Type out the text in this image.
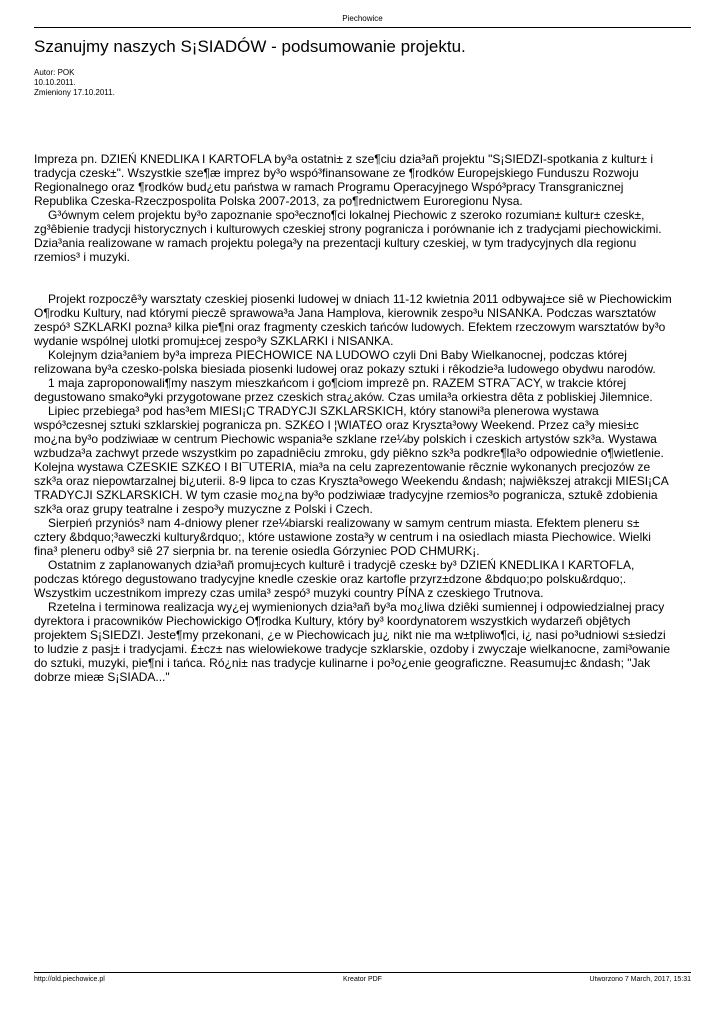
Piechowice
Szanujmy naszych S¡SIADÓW - podsumowanie projektu.
Autor: POK
10.10.2011.
Zmieniony 17.10.2011.

Impreza pn. DZIEŃ KNEDLIKA I KARTOFLA by³a ostatni± z sze¶ciu dzia³añ projektu "S¡SIEDZI-spotkania z kultur± i tradycja czesk±". Wszystkie sze¶æ imprez by³o wspó³finansowane ze ¶rodków Europejskiego Funduszu Rozwoju Regionalnego oraz ¶rodków bud¿etu państwa w ramach Programu Operacyjnego Wspó³pracy Transgranicznej Republika Czeska-Rzeczpospolita Polska 2007-2013, za po¶rednictwem Euroregionu Nysa.

G³ównym celem projektu by³o zapoznanie spo³eczno¶ci lokalnej Piechowic z szeroko rozumian± kultur± czesk±, zg³êbienie tradycji historycznych i kulturowych czeskiej strony pogranicza i porównanie ich z tradycjami piechowickimi. Dzia³ania realizowane w ramach projektu polega³y na prezentacji kultury czeskiej, w tym tradycyjnych dla regionu rzemios³ i muzyki.

Projekt rozpoczê³y warsztaty czeskiej piosenki ludowej w dniach 11-12 kwietnia 2011 odbywaj±ce siê w Piechowickim O¶rodku Kultury, nad którymi pieczê sprawowa³a Jana Hamplova, kierownik zespo³u NISANKA. Podczas warsztatów zespó³ SZKLARKI pozna³ kilka pie¶ni oraz fragmenty czeskich tańców ludowych. Efektem rzeczowym warsztatów by³o wydanie wspólnej ulotki promuj±cej zespo³y SZKLARKI i NISANKA.

Kolejnym dzia³aniem by³a impreza PIECHOWICE NA LUDOWO czyli Dni Baby Wielkanocnej, podczas której relizowana by³a czesko-polska biesiada piosenki ludowej oraz pokazy sztuki i rêkodzie³a ludowego obydwu narodów.

1 maja zaproponowali¶my naszym mieszkańcom i go¶ciom imprezê pn. RAZEM STRA¯ACY, w trakcie której degustowano smakoªyki przygotowane przez czeskich stra¿aków. Czas umila³a orkiestra dêta z pobliskiej Jilemnice.

Lipiec przebiega³ pod has³em MIESI¡C TRADYCJI SZKLARSKICH, który stanowi³a plenerowa wystawa wspó³czesnej sztuki szklarskiej pogranicza pn. SZK£O I ¦WIAT£O oraz Kryszta³owy Weekend. Przez ca³y miesi±c mo¿na by³o podziwiaæ w centrum Piechowic wspania³e szklane rze¼by polskich i czeskich artystów szk³a. Wystawa wzbudza³a zachwyt przede wszystkim po zapadniêciu zmroku, gdy piêkno szk³a podkre¶la³o odpowiednie o¶wietlenie. Kolejna wystawa CZESKIE SZK£O I BI¯UTERIA, mia³a na celu zaprezentowanie rêcznie wykonanych precjozów ze szk³a oraz niepowtarzalnej bi¿uterii. 8-9 lipca to czas Kryszta³owego Weekendu &ndash; najwiêkszej atrakcji MIESI¡CA TRADYCJI SZKLARSKICH. W tym czasie mo¿na by³o podziwiaæ tradycyjne rzemios³o pogranicza, sztukê zdobienia szk³a oraz grupy teatralne i zespo³y muzyczne z Polski i Czech.

Sierpień przyniós³ nam 4-dniowy plener rze¼biarski realizowany w samym centrum miasta. Efektem pleneru s± cztery &bdquo;³aweczki kultury&rdquo;, które ustawione zosta³y w centrum i na osiedlach miasta Piechowice. Wielki fina³ pleneru odby³ siê 27 sierpnia br. na terenie osiedla Górzyniec POD CHMURK¡.

Ostatnim z zaplanowanych dzia³añ promuj±cych kulturê i tradycjê czesk± by³ DZIEŃ KNEDLIKA I KARTOFLA, podczas którego degustowano tradycyjne knedle czeskie oraz kartofle przyrz±dzone &bdquo;po polsku&rdquo;. Wszystkim uczestnikom imprezy czas umila³ zespó³ muzyki country PÍNA z czeskiego Trutnova.

Rzetelna i terminowa realizacja wy¿ej wymienionych dzia³añ by³a mo¿liwa dziêki sumiennej i odpowiedzialnej pracy dyrektora i pracowników Piechowickigo O¶rodka Kultury, który by³ koordynatorem wszystkich wydarzeñ objêtych projektem S¡SIEDZI. Jeste¶my przekonani, ¿e w Piechowicach ju¿ nikt nie ma w±tpliwo¶ci, i¿ nasi po³udniowi s±siedzi to ludzie z pasj± i tradycjami. £±cz± nas wielowiekowe tradycje szklarskie, ozdoby i zwyczaje wielkanocne, zami³owanie do sztuki, muzyki, pie¶ni i tańca. Ró¿ni± nas tradycje kulinarne i po³o¿enie geograficzne. Reasumuj±c &ndash; "Jak dobrze mieæ S¡SIADA..."

http://old.piechowice.pl	Kreator PDF	Utworzono 7 March, 2017, 15:31
